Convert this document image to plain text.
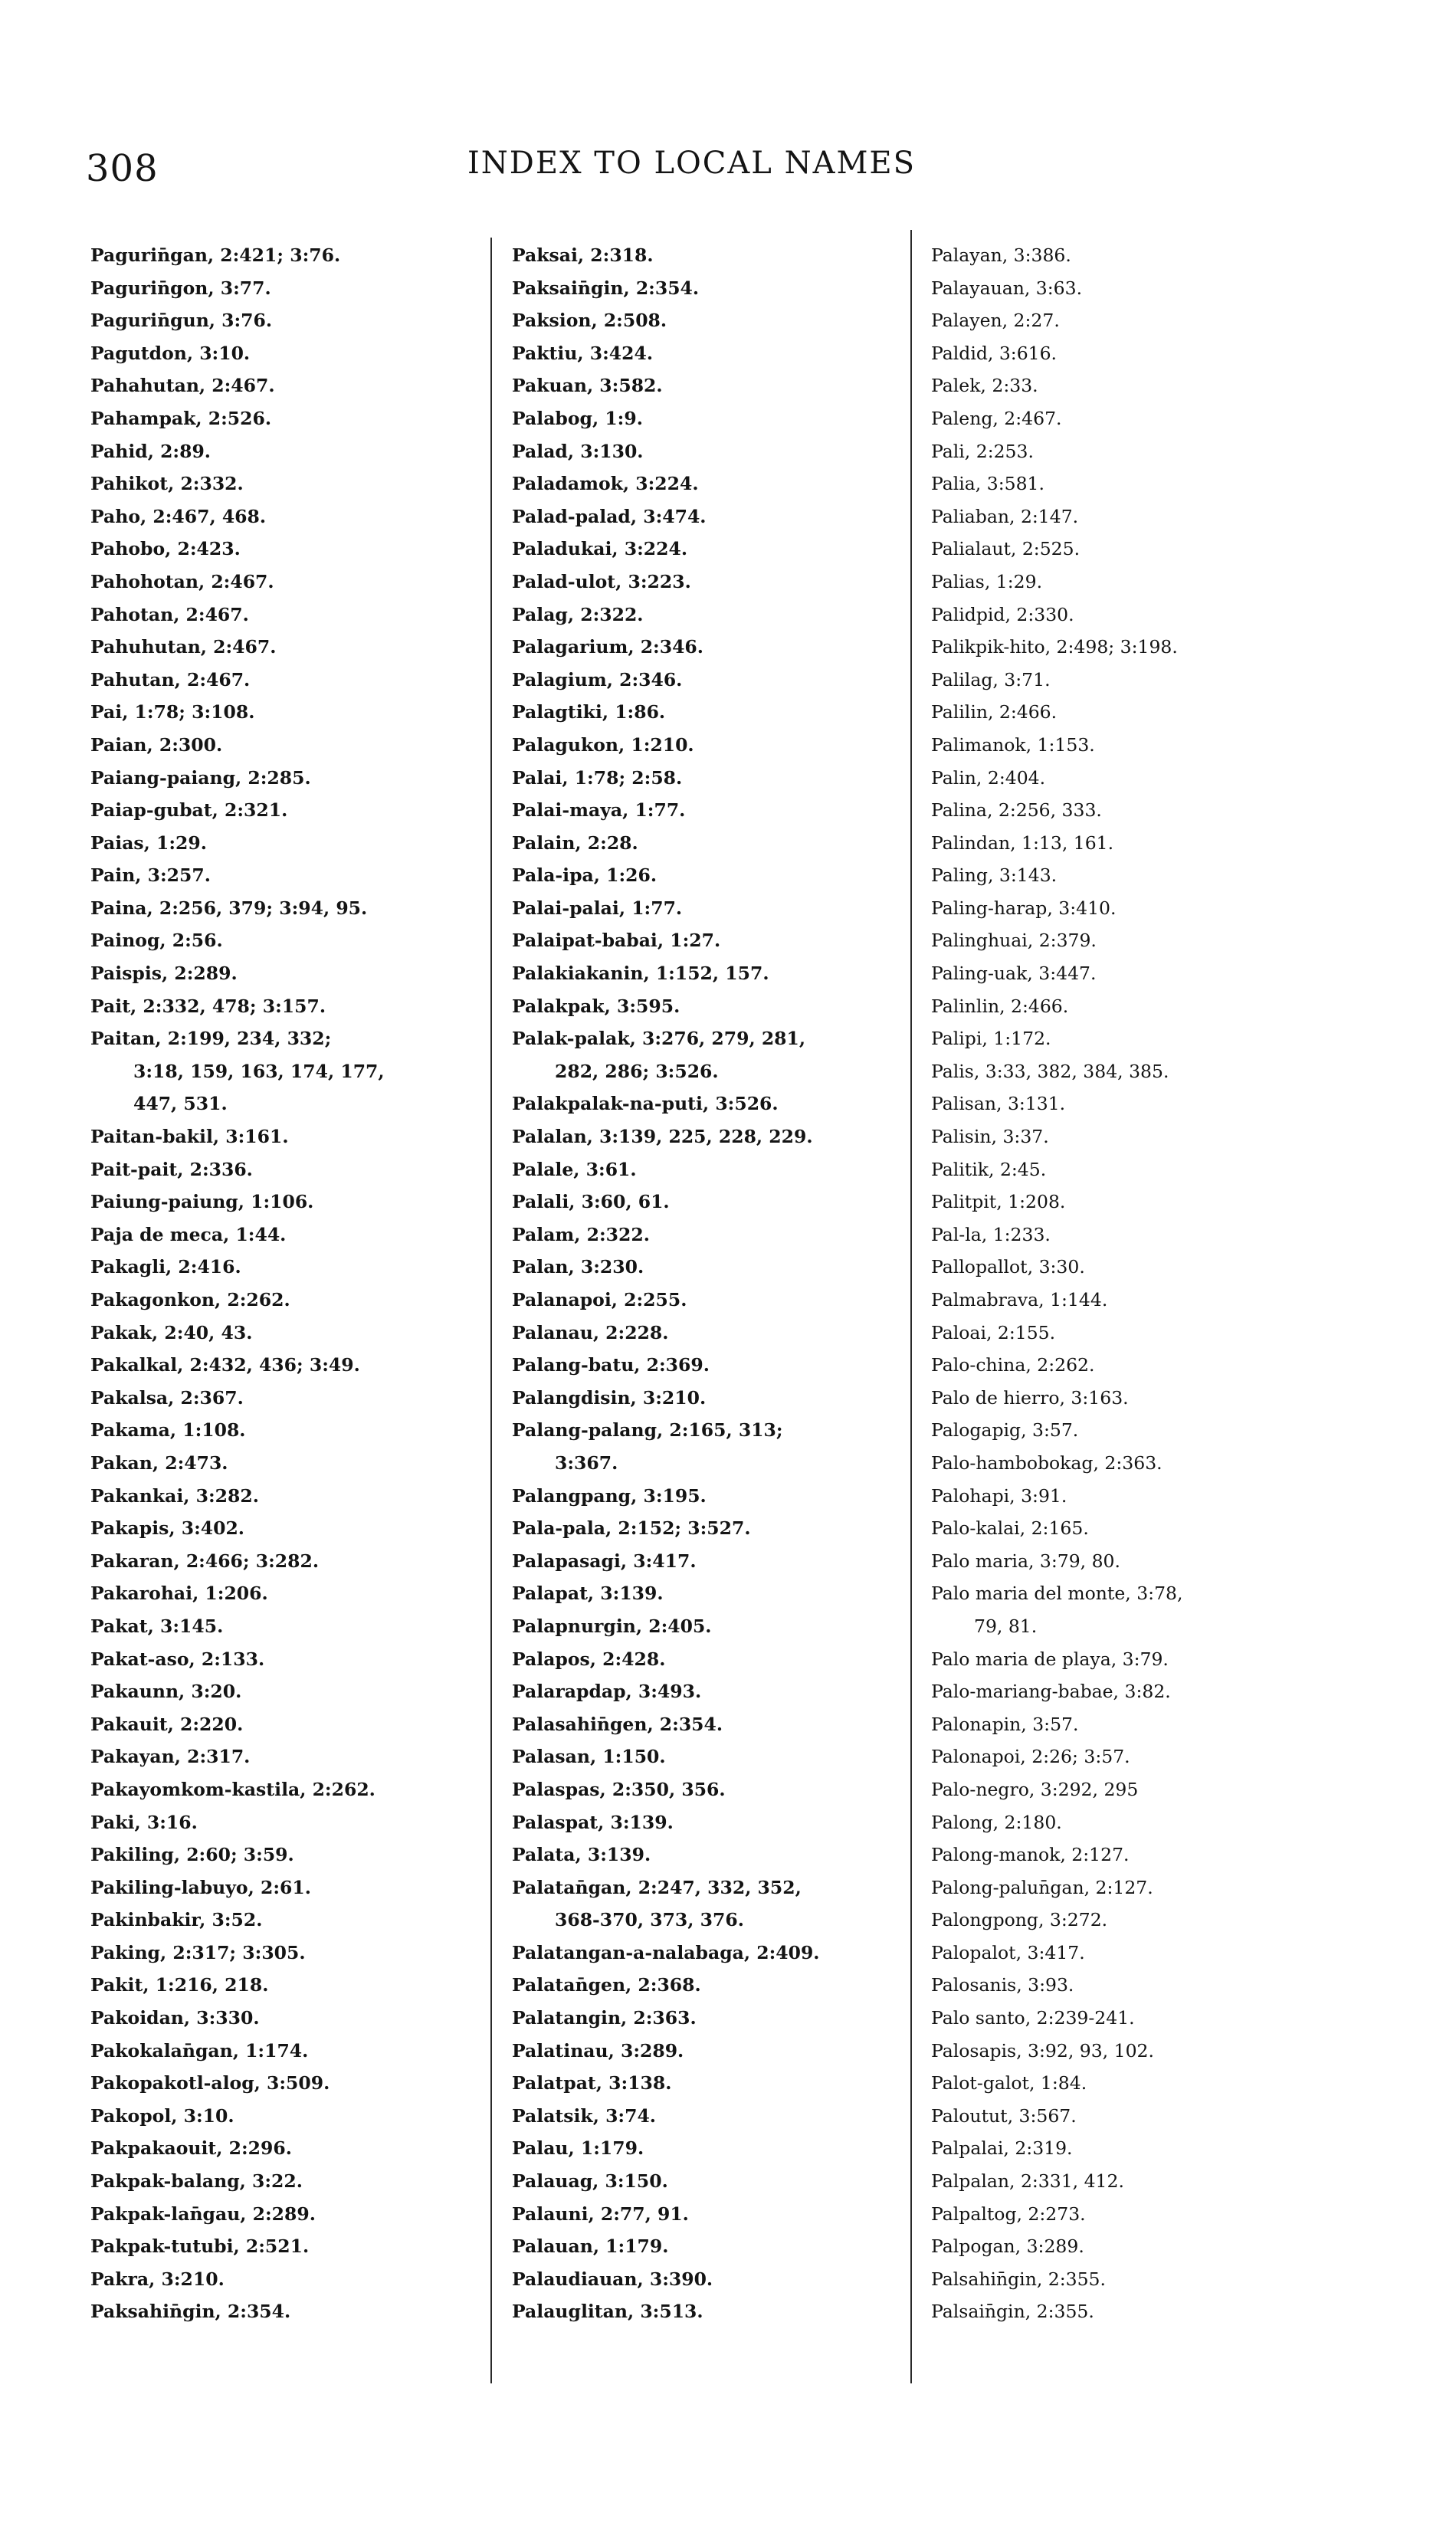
308	INDEX TO LOCAL NAMES
Pagurin̄gan, 2:421; 3:76.
Pagurin̄gon, 3:77.
Pagurin̄gun, 3:76.
Pagutdon, 3:10.
Pahahutan, 2:467.
Pahampak, 2:526.
Pahid, 2:89.
Pahikot, 2:332.
Paho, 2:467, 468.
Pahobo, 2:423.
Pahohotan, 2:467.
Pahotan, 2:467.
Pahuhutan, 2:467.
Pahutan, 2:467.
Pai, 1:78; 3:108.
Paian, 2:300.
Paiang-paiang, 2:285.
Paiap-gubat, 2:321.
Paias, 1:29.
Pain, 3:257.
Paina, 2:256, 379; 3:94, 95.
Painog, 2:56.
Paispis, 2:289.
Pait, 2:332, 478; 3:157.
Paitan, 2:199, 234, 332;
3:18, 159, 163, 174, 177,
447, 531.
Paitan-bakil, 3:161.
Pait-pait, 2:336.
Paiung-paiung, 1:106.
Paja de meca, 1:44.
Pakagli, 2:416.
Pakagonkon, 2:262.
Pakak, 2:40, 43.
Pakalkal, 2:432, 436; 3:49.
Pakalsa, 2:367.
Pakama, 1:108.
Pakan, 2:473.
Pakankai, 3:282.
Pakapis, 3:402.
Pakaran, 2:466; 3:282.
Pakarohai, 1:206.
Pakat, 3:145.
Pakat-aso, 2:133.
Pakaunn, 3:20.
Pakauit, 2:220.
Pakayan, 2:317.
Pakayomkom-kastila, 2:262.
Paki, 3:16.
Pakiling, 2:60; 3:59.
Pakiling-labuyo, 2:61.
Pakinbakir, 3:52.
Paking, 2:317; 3:305.
Pakit, 1:216, 218.
Pakoidan, 3:330.
Pakokalan̄gan, 1:174.
Pakopakotl-alog, 3:509.
Pakopol, 3:10.
Pakpakaouit, 2:296.
Pakpak-balang, 3:22.
Pakpak-lan̄gau, 2:289.
Pakpak-tutubi, 2:521.
Pakra, 3:210.
Paksahin̄gin, 2:354.
Paksai, 2:318.
Paksain̄gin, 2:354.
Paksion, 2:508.
Paktiu, 3:424.
Pakuan, 3:582.
Palabog, 1:9.
Palad, 3:130.
Paladamok, 3:224.
Palad-palad, 3:474.
Paladukai, 3:224.
Palad-ulot, 3:223.
Palag, 2:322.
Palagarium, 2:346.
Palagium, 2:346.
Palagtiki, 1:86.
Palagukon, 1:210.
Palai, 1:78; 2:58.
Palai-maya, 1:77.
Palain, 2:28.
Pala-ipa, 1:26.
Palai-palai, 1:77.
Palaipat-babai, 1:27.
Palakiakanin, 1:152, 157.
Palakpak, 3:595.
Palak-palak, 3:276, 279, 281,
282, 286; 3:526.
Palakpalak-na-puti, 3:526.
Palalan, 3:139, 225, 228, 229.
Palale, 3:61.
Palali, 3:60, 61.
Palam, 2:322.
Palan, 3:230.
Palanapoi, 2:255.
Palanau, 2:228.
Palang-batu, 2:369.
Palangdisin, 3:210.
Palang-palang, 2:165, 313;
3:367.
Palangpang, 3:195.
Pala-pala, 2:152; 3:527.
Palapasagi, 3:417.
Palapat, 3:139.
Palapnurgin, 2:405.
Palapos, 2:428.
Palarapdap, 3:493.
Palasahin̄gen, 2:354.
Palasan, 1:150.
Palaspas, 2:350, 356.
Palaspat, 3:139.
Palata, 3:139.
Palatan̄gan, 2:247, 332, 352,
368-370, 373, 376.
Palatangan-a-nalabaga, 2:409.
Palatan̄gen, 2:368.
Palatangin, 2:363.
Palatinau, 3:289.
Palatpat, 3:138.
Palatsik, 3:74.
Palau, 1:179.
Palauag, 3:150.
Palauni, 2:77, 91.
Palauan, 1:179.
Palaudiauan, 3:390.
Palauglitan, 3:513.
Palayan, 3:386.
Palayauan, 3:63.
Palayen, 2:27.
Paldid, 3:616.
Palek, 2:33.
Paleng, 2:467.
Pali, 2:253.
Palia, 3:581.
Paliaban, 2:147.
Palialaut, 2:525.
Palias, 1:29.
Palidpid, 2:330.
Palikpik-hito, 2:498; 3:198.
Palilag, 3:71.
Palilin, 2:466.
Palimanok, 1:153.
Palin, 2:404.
Palina, 2:256, 333.
Palindan, 1:13, 161.
Paling, 3:143.
Paling-harap, 3:410.
Palinghuai, 2:379.
Paling-uak, 3:447.
Palinlin, 2:466.
Palipi, 1:172.
Palis, 3:33, 382, 384, 385.
Palisan, 3:131.
Palisin, 3:37.
Palitik, 2:45.
Palitpit, 1:208.
Pal-la, 1:233.
Pallopallot, 3:30.
Palmabrava, 1:144.
Paloai, 2:155.
Palo-china, 2:262.
Palo de hierro, 3:163.
Palogapig, 3:57.
Palo-hambobokag, 2:363.
Palohapi, 3:91.
Palo-kalai, 2:165.
Palo maria, 3:79, 80.
Palo maria del monte, 3:78,
79, 81.
Palo maria de playa, 3:79.
Palo-mariang-babae, 3:82.
Palonapin, 3:57.
Palonapoi, 2:26; 3:57.
Palo-negro, 3:292, 295
Palong, 2:180.
Palong-manok, 2:127.
Palong-palun̄gan, 2:127.
Palongpong, 3:272.
Palopalot, 3:417.
Palosanis, 3:93.
Palo santo, 2:239-241.
Palosapis, 3:92, 93, 102.
Palot-galot, 1:84.
Paloutut, 3:567.
Palpalai, 2:319.
Palpalan, 2:331, 412.
Palpaltog, 2:273.
Palpogan, 3:289.
Palsahin̄gin, 2:355.
Palsain̄gin, 2:355.
